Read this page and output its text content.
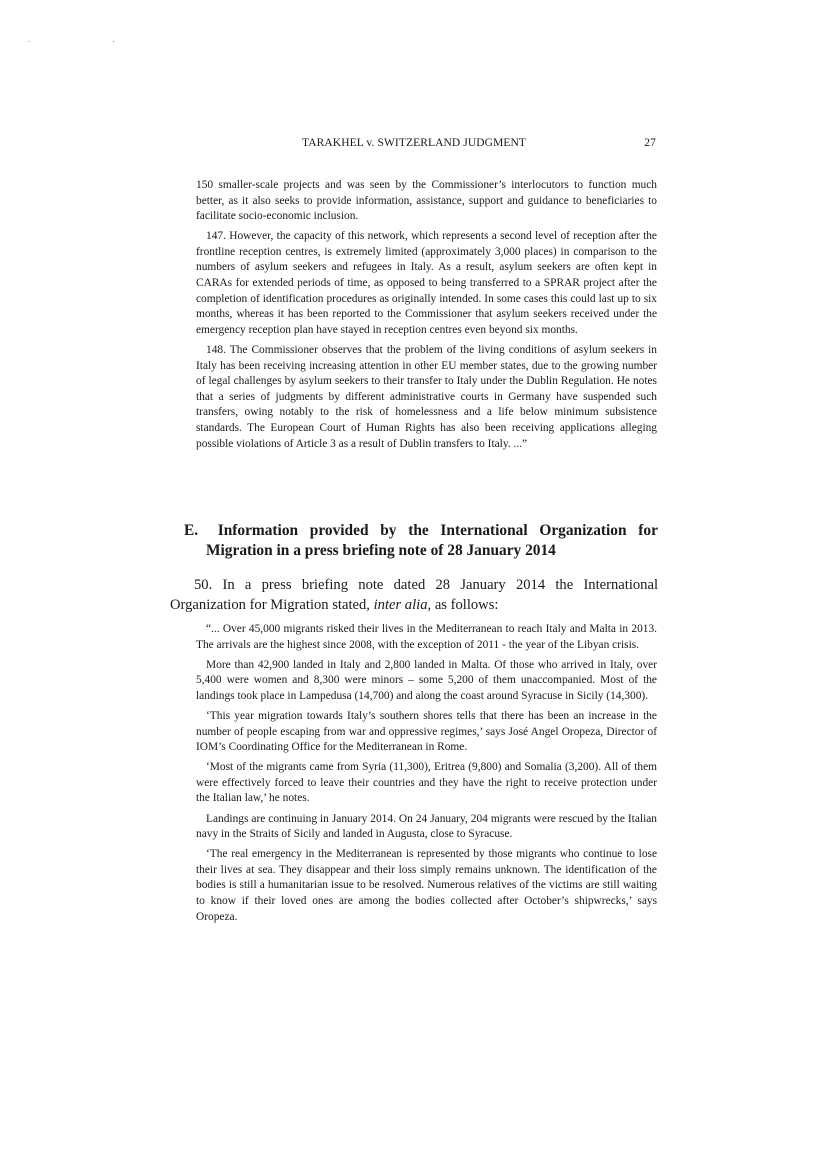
. .
TARAKHEL v. SWITZERLAND JUDGMENT	27

150 smaller-scale projects and was seen by the Commissioner’s interlocutors to function much better, as it also seeks to provide information, assistance, support and guidance to beneficiaries to facilitate socio-economic inclusion.

147. However, the capacity of this network, which represents a second level of reception after the frontline reception centres, is extremely limited (approximately 3,000 places) in comparison to the numbers of asylum seekers and refugees in Italy. As a result, asylum seekers are often kept in CARAs for extended periods of time, as opposed to being transferred to a SPRAR project after the completion of identification procedures as originally intended. In some cases this could last up to six months, whereas it has been reported to the Commissioner that asylum seekers received under the emergency reception plan have stayed in reception centres even beyond six months.

148. The Commissioner observes that the problem of the living conditions of asylum seekers in Italy has been receiving increasing attention in other EU member states, due to the growing number of legal challenges by asylum seekers to their transfer to Italy under the Dublin Regulation. He notes that a series of judgments by different administrative courts in Germany have suspended such transfers, owing notably to the risk of homelessness and a life below minimum subsistence standards. The European Court of Human Rights has also been receiving applications alleging possible violations of Article 3 as a result of Dublin transfers to Italy. ...”

E.	Information provided by the International Organization for
Migration in a press briefing note of 28 January 2014
50. In a press briefing note dated 28 January 2014 the International
Organization for Migration stated, inter alia, as follows:

“... Over 45,000 migrants risked their lives in the Mediterranean to reach Italy and Malta in 2013. The arrivals are the highest since 2008, with the exception of 2011 - the year of the Libyan crisis.

More than 42,900 landed in Italy and 2,800 landed in Malta. Of those who arrived in Italy, over 5,400 were women and 8,300 were minors – some 5,200 of them unaccompanied. Most of the landings took place in Lampedusa (14,700) and along the coast around Syracuse in Sicily (14,300).

‘This year migration towards Italy’s southern shores tells that there has been an increase in the number of people escaping from war and oppressive regimes,’ says José Angel Oropeza, Director of IOM’s Coordinating Office for the Mediterranean in Rome.

‘Most of the migrants came from Syria (11,300), Eritrea (9,800) and Somalia (3,200). All of them were effectively forced to leave their countries and they have the right to receive protection under the Italian law,’ he notes.

Landings are continuing in January 2014. On 24 January, 204 migrants were rescued by the Italian navy in the Straits of Sicily and landed in Augusta, close to Syracuse.

‘The real emergency in the Mediterranean is represented by those migrants who continue to lose their lives at sea. They disappear and their loss simply remains unknown. The identification of the bodies is still a humanitarian issue to be resolved. Numerous relatives of the victims are still waiting to know if their loved ones are among the bodies collected after October’s shipwrecks,’ says Oropeza.
